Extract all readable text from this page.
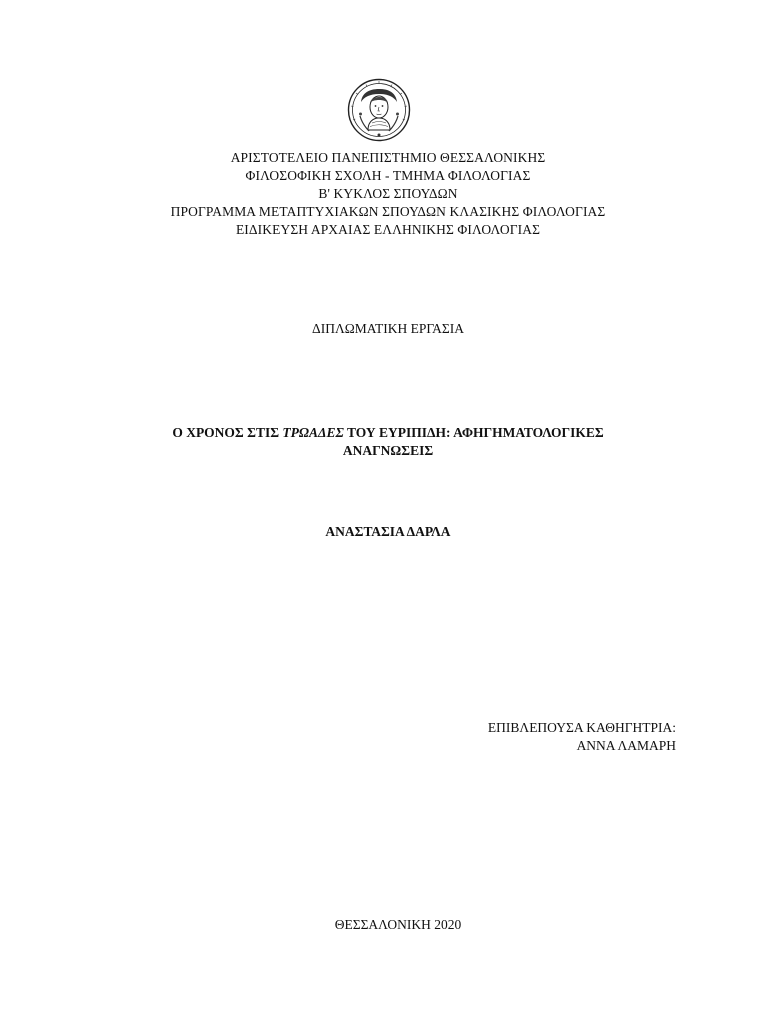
ΑΡΙΣΤΟΤΕΛΕΙΟ ΠΑΝΕΠΙΣΤΗΜΙΟ ΘΕΣΣΑΛΟΝΙΚΗΣ
ΦΙΛΟΣΟΦΙΚΗ ΣΧΟΛΗ - ΤΜΗΜΑ ΦΙΛΟΛΟΓΙΑΣ
Β' ΚΥΚΛΟΣ ΣΠΟΥΔΩΝ
ΠΡΟΓΡΑΜΜΑ ΜΕΤΑΠΤΥΧΙΑΚΩΝ ΣΠΟΥΔΩΝ ΚΛΑΣΙΚΗΣ ΦΙΛΟΛΟΓΙΑΣ
ΕΙΔΙΚΕΥΣΗ ΑΡΧΑΙΑΣ ΕΛΛΗΝΙΚΗΣ ΦΙΛΟΛΟΓΙΑΣ
ΔΙΠΛΩΜΑΤΙΚΗ ΕΡΓΑΣΙΑ
Ο ΧΡΟΝΟΣ ΣΤΙΣ ΤΡΩΑΔΕΣ ΤΟΥ ΕΥΡΙΠΙΔΗ: ΑΦΗΓΗΜΑΤΟΛΟΓΙΚΕΣ
ΑΝΑΓΝΩΣΕΙΣ
ΑΝΑΣΤΑΣΙΑ ΔΑΡΛΑ
ΕΠΙΒΛΕΠΟΥΣΑ ΚΑΘΗΓΗΤΡΙΑ:
ΑΝΝΑ ΛΑΜΑΡΗ
ΘΕΣΣΑΛΟΝΙΚΗ 2020
